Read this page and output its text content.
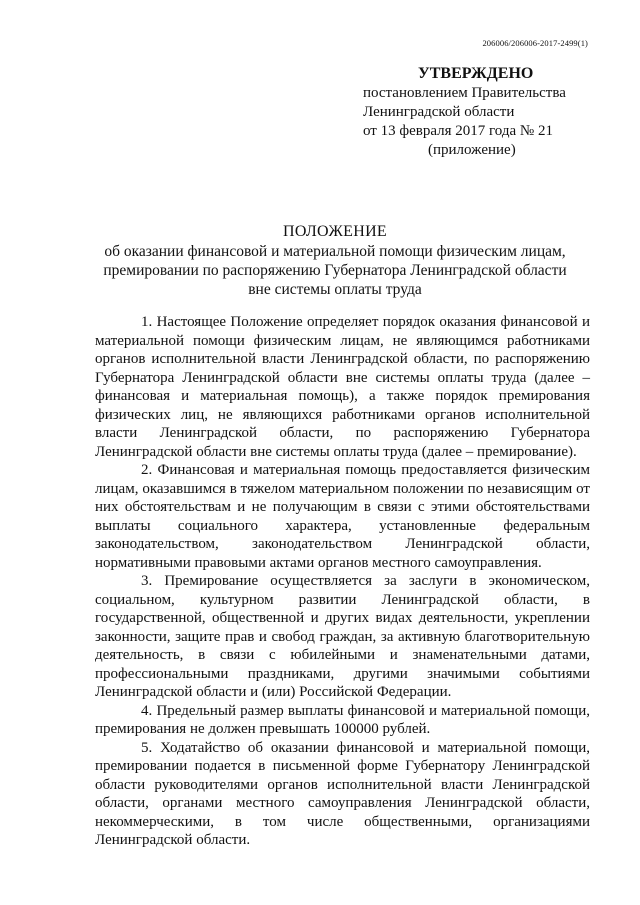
206006/206006-2017-2499(1)
УТВЕРЖДЕНО
постановлением Правительства
Ленинградской области
от 13 февраля 2017 года № 21
(приложение)
ПОЛОЖЕНИЕ
об оказании финансовой и материальной помощи физическим лицам,
премировании по распоряжению Губернатора Ленинградской области
вне системы оплаты труда

1. Настоящее Положение определяет порядок оказания финансовой и материальной помощи физическим лицам, не являющимся работниками органов исполнительной власти Ленинградской области, по распоряжению Губернатора Ленинградской области вне системы оплаты труда (далее – финансовая и материальная помощь), а также порядок премирования физических лиц, не являющихся работниками органов исполнительной власти Ленинградской области, по распоряжению Губернатора Ленинградской области вне системы оплаты труда (далее – премирование).

2. Финансовая и материальная помощь предоставляется физическим лицам, оказавшимся в тяжелом материальном положении по независящим от них обстоятельствам и не получающим в связи с этими обстоятельствами выплаты социального характера, установленные федеральным законодательством, законодательством Ленинградской области, нормативными правовыми актами органов местного самоуправления.

3. Премирование осуществляется за заслуги в экономическом, социальном, культурном развитии Ленинградской области, в государственной, общественной и других видах деятельности, укреплении законности, защите прав и свобод граждан, за активную благотворительную деятельность, в связи с юбилейными и знаменательными датами, профессиональными праздниками, другими значимыми событиями Ленинградской области и (или) Российской Федерации.

4. Предельный размер выплаты финансовой и материальной помощи, премирования не должен превышать 100000 рублей.

5. Ходатайство об оказании финансовой и материальной помощи, премировании подается в письменной форме Губернатору Ленинградской области руководителями органов исполнительной власти Ленинградской области, органами местного самоуправления Ленинградской области, некоммерческими, в том числе общественными, организациями Ленинградской области.
